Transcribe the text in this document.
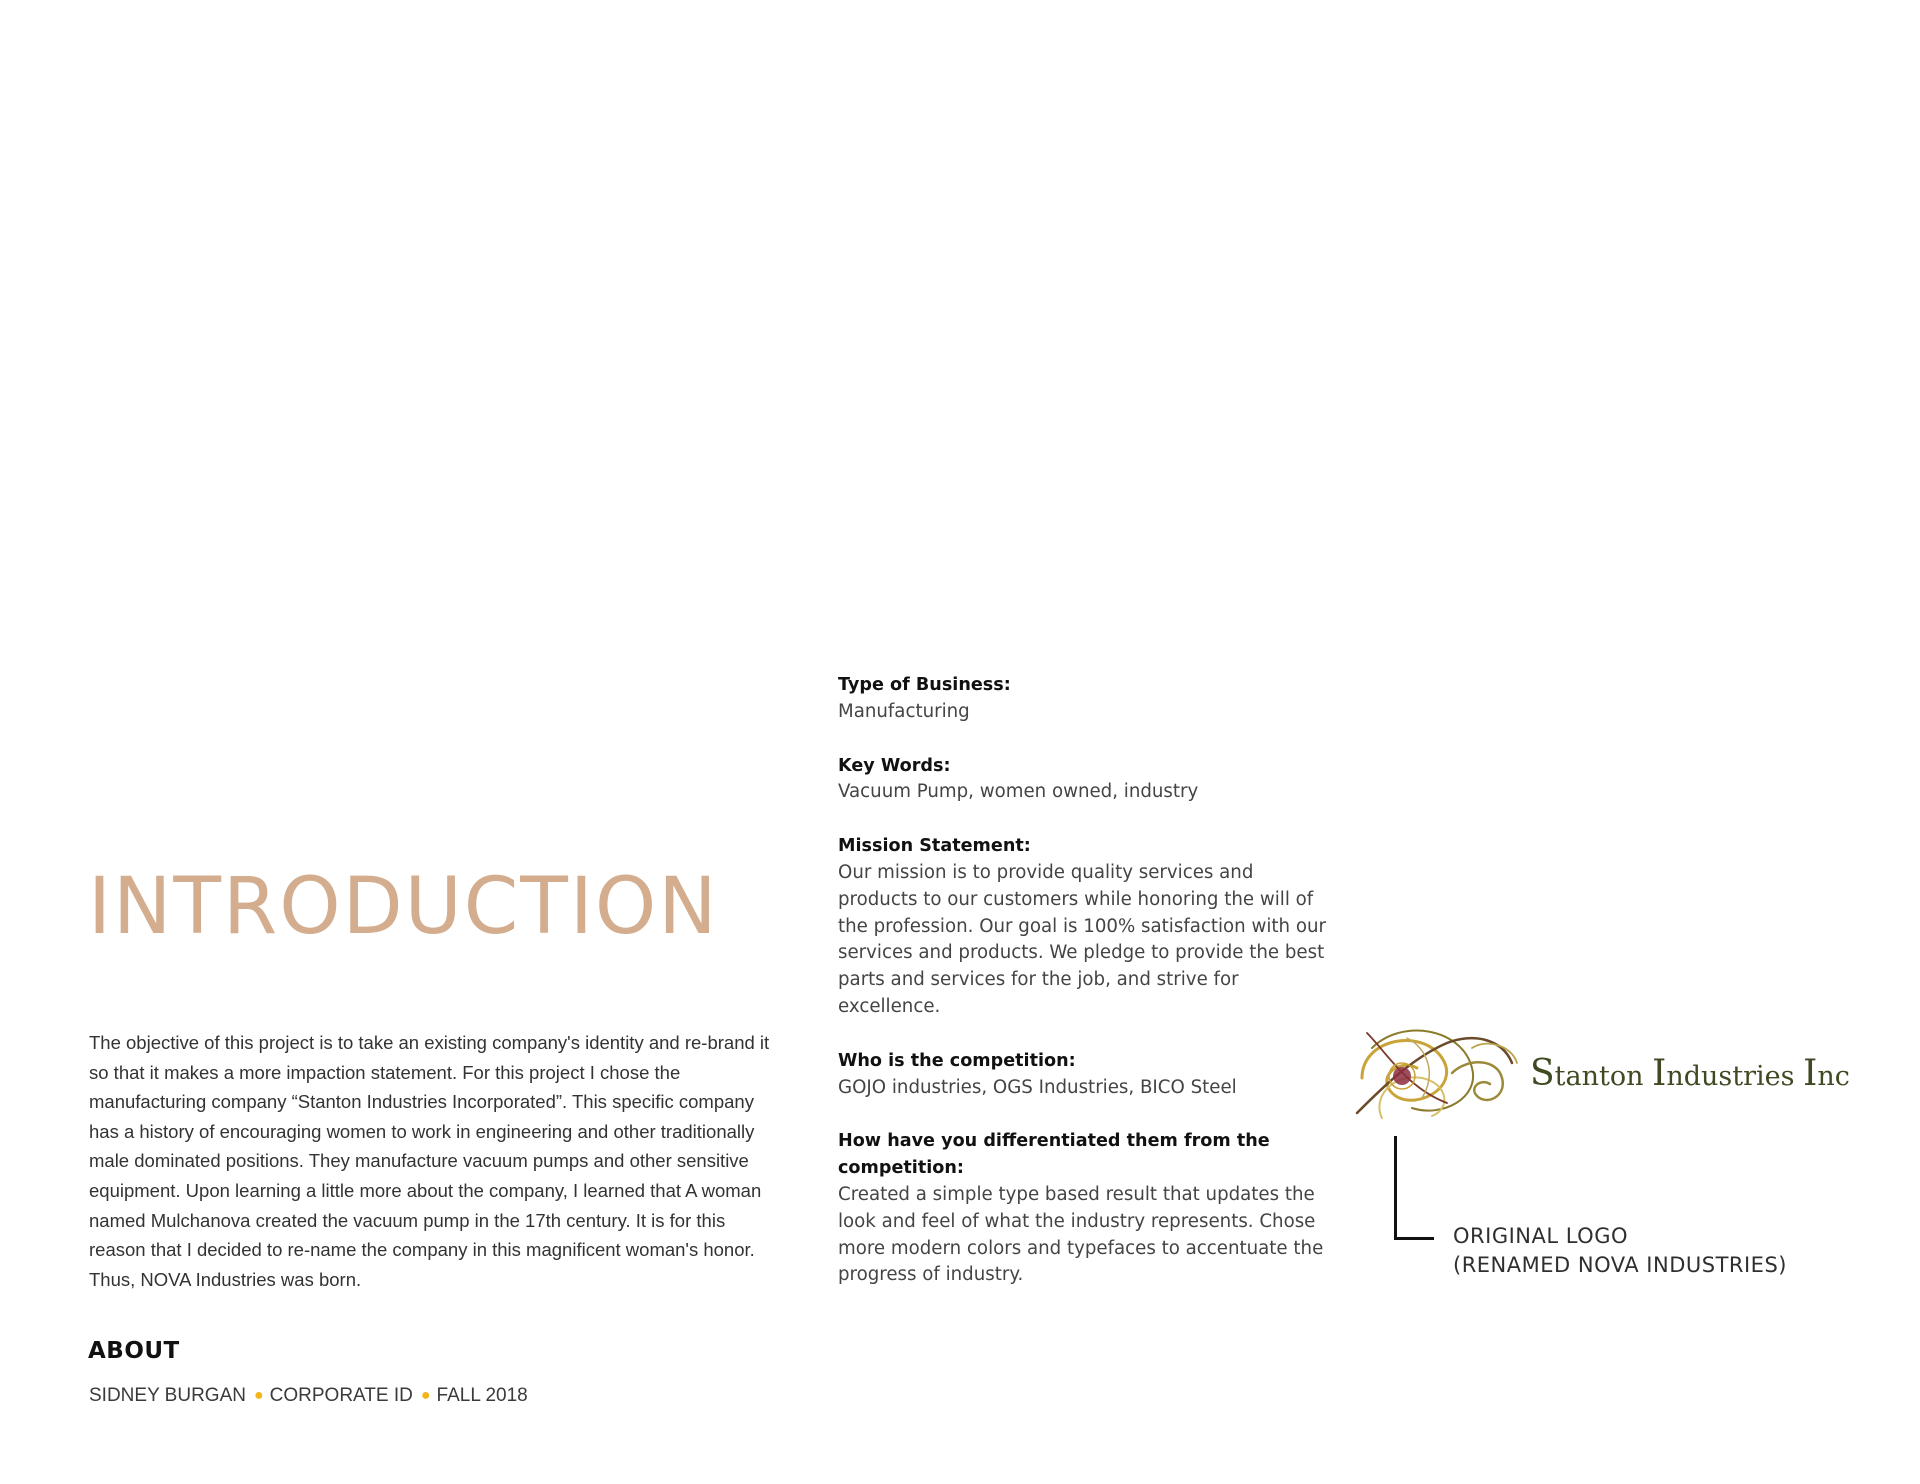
INTRODUCTION

The objective of this project is to take an existing company's identity and re-brand it so that it makes a more impaction statement. For this project I chose the manufacturing company “Stanton Industries Incorporated”. This specific company has a history of encouraging women to work in engineering and other traditionally male dominated positions. They manufacture vacuum pumps and other sensitive equipment. Upon learning a little more about the company, I learned that A woman named Mulchanova created the vacuum pump in the 17th century. It is for this reason that I decided to re-name the company in this magnificent woman's honor. Thus, NOVA Industries was born.

ABOUT
SIDNEY BURGAN ● CORPORATE ID ● FALL 2018
Type of Business:
Manufacturing
Key Words:
Vacuum Pump, women owned, industry
Mission Statement:
Our mission is to provide quality services and products to our customers while honoring the will of the profession. Our goal is 100% satisfaction with our services and products. We pledge to provide the best parts and services for the job, and strive for excellence.
Who is the competition:
GOJO industries, OGS Industries, BICO Steel
How have you differentiated them from the competition:
Created a simple type based result that updates the look and feel of what the industry represents. Chose more modern colors and typefaces to accentuate the progress of industry.
Stanton Industries Inc
ORIGINAL LOGO
(RENAMED NOVA INDUSTRIES)
